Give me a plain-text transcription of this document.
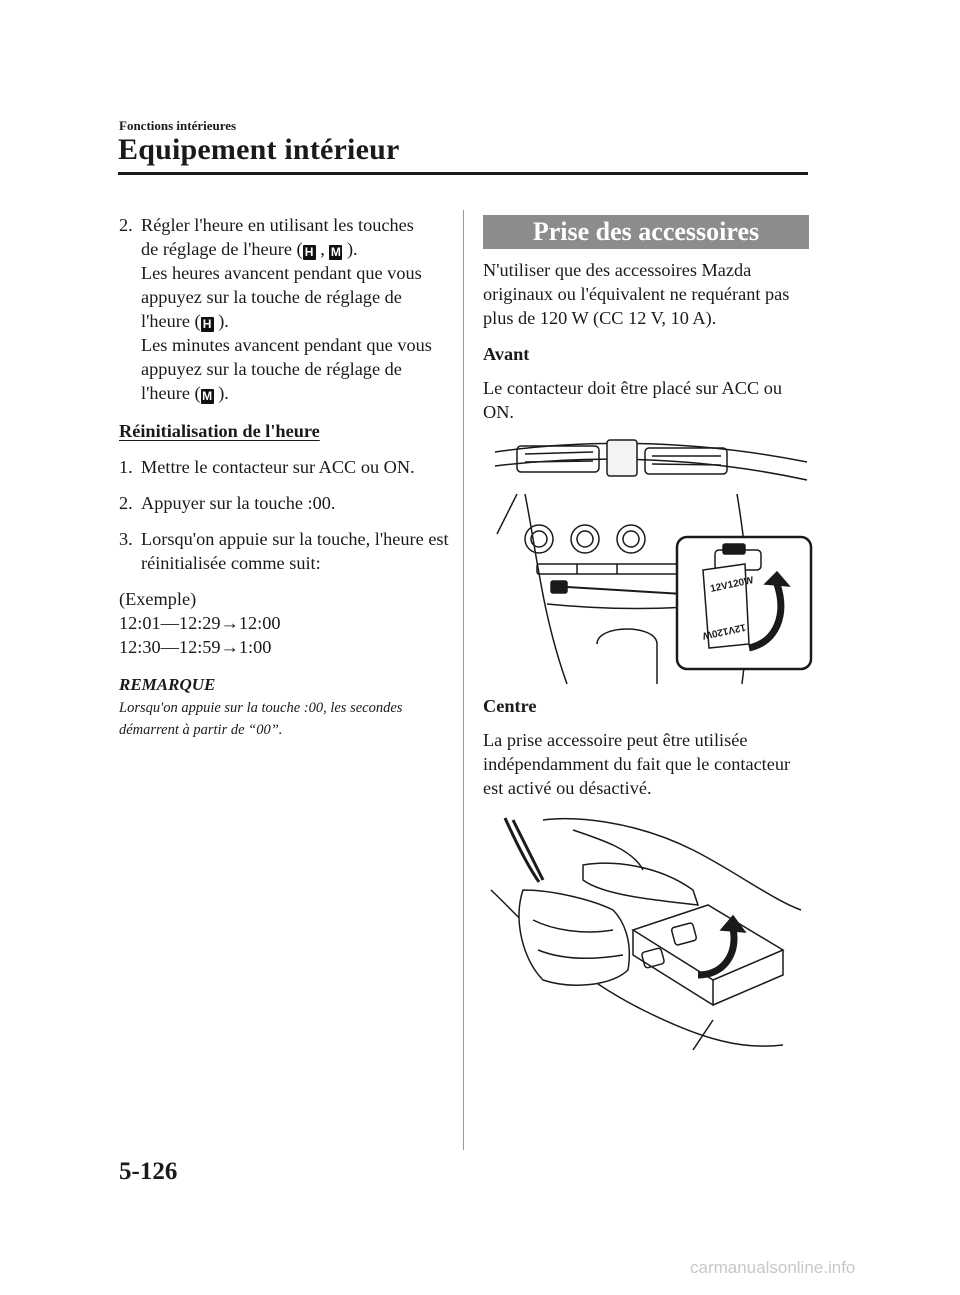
Fonctions intérieures
Equipement intérieur
2. Régler l'heure en utilisant les touches

de réglage de l'heure ( H , M ).

Les heures avancent pendant que vous appuyez sur la touche de réglage de l'heure ( H ).

Les minutes avancent pendant que vous appuyez sur la touche de réglage de l'heure ( M ).

Réinitialisation de l'heure

1. Mettre le contacteur sur ACC ou ON.
2. Appuyer sur la touche :00.
3. Lorsqu'on appuie sur la touche, l'heure est réinitialisée comme suit:

(Exemple)

12:01―12:29→12:00

12:30―12:59→1:00

REMARQUE

Lorsqu'on appuie sur la touche :00, les secondes démarrent à partir de “00”.

Prise des accessoires

N'utiliser que des accessoires Mazda originaux ou l'équivalent ne requérant pas plus de 120 W (CC 12 V, 10 A).

Avant

Le contacteur doit être placé sur ACC ou ON.

12V120W
12V120W

Centre

La prise accessoire peut être utilisée indépendamment du fait que le contacteur est activé ou désactivé.

5-126
carmanualsonline.info
